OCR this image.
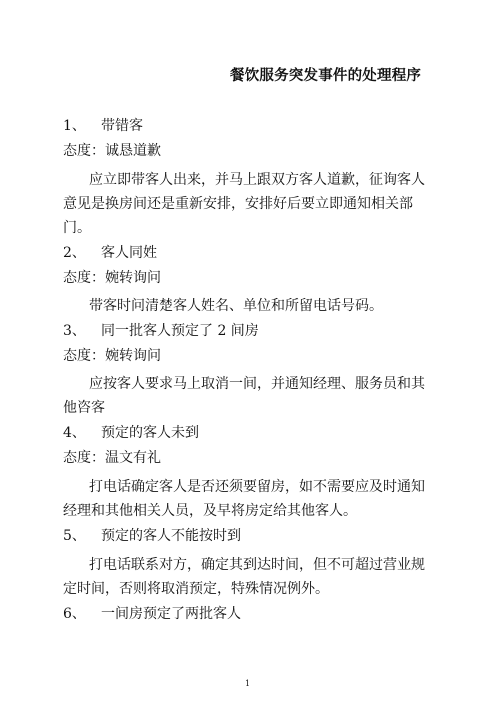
餐饮服务突发事件的处理程序
1、 带错客
态度：诚恳道歉
应立即带客人出来，并马上跟双方客人道歉，征询客人
意见是换房间还是重新安排，安排好后要立即通知相关部
门。
2、 客人同姓
态度：婉转询问
带客时问清楚客人姓名、单位和所留电话号码。
3、 同一批客人预定了 2 间房
态度：婉转询问
应按客人要求马上取消一间，并通知经理、服务员和其
他咨客
4、 预定的客人未到
态度：温文有礼
打电话确定客人是否还须要留房，如不需要应及时通知
经理和其他相关人员，及早将房定给其他客人。
5、 预定的客人不能按时到
打电话联系对方，确定其到达时间，但不可超过营业规
定时间，否则将取消预定，特殊情况例外。
6、 一间房预定了两批客人
1
